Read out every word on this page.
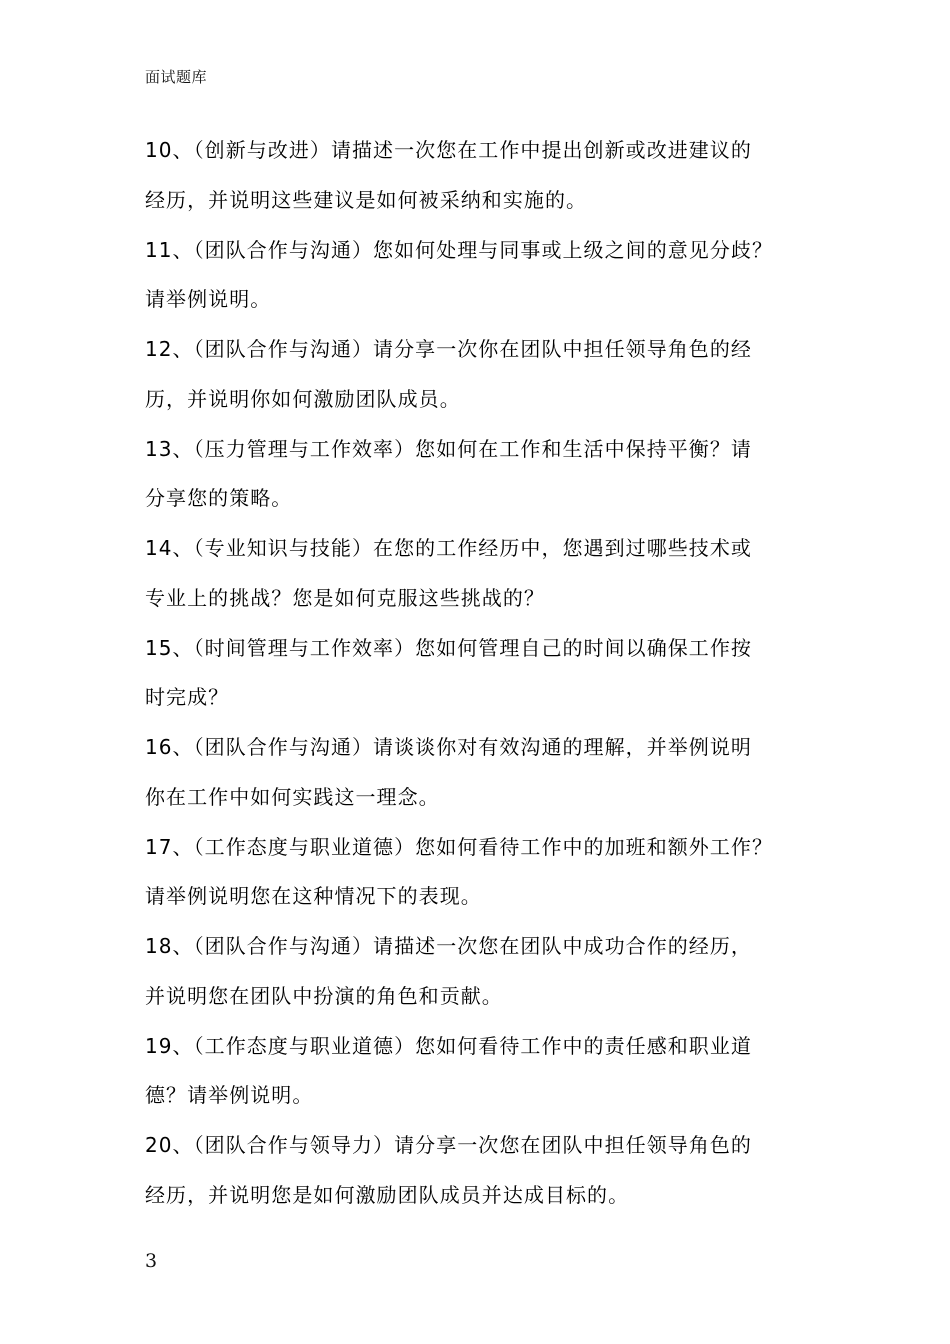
面试题库

10、（创新与改进）请描述一次您在工作中提出创新或改进建议的
经历，并说明这些建议是如何被采纳和实施的。

11、（团队合作与沟通）您如何处理与同事或上级之间的意见分歧？
请举例说明。

12、（团队合作与沟通）请分享一次你在团队中担任领导角色的经
历，并说明你如何激励团队成员。

13、（压力管理与工作效率）您如何在工作和生活中保持平衡？请
分享您的策略。

14、（专业知识与技能）在您的工作经历中，您遇到过哪些技术或
专业上的挑战？您是如何克服这些挑战的？

15、（时间管理与工作效率）您如何管理自己的时间以确保工作按
时完成？

16、（团队合作与沟通）请谈谈你对有效沟通的理解，并举例说明
你在工作中如何实践这一理念。

17、（工作态度与职业道德）您如何看待工作中的加班和额外工作？
请举例说明您在这种情况下的表现。

18、（团队合作与沟通）请描述一次您在团队中成功合作的经历，
并说明您在团队中扮演的角色和贡献。

19、（工作态度与职业道德）您如何看待工作中的责任感和职业道
德？请举例说明。

20、（团队合作与领导力）请分享一次您在团队中担任领导角色的
经历，并说明您是如何激励团队成员并达成目标的。

3
